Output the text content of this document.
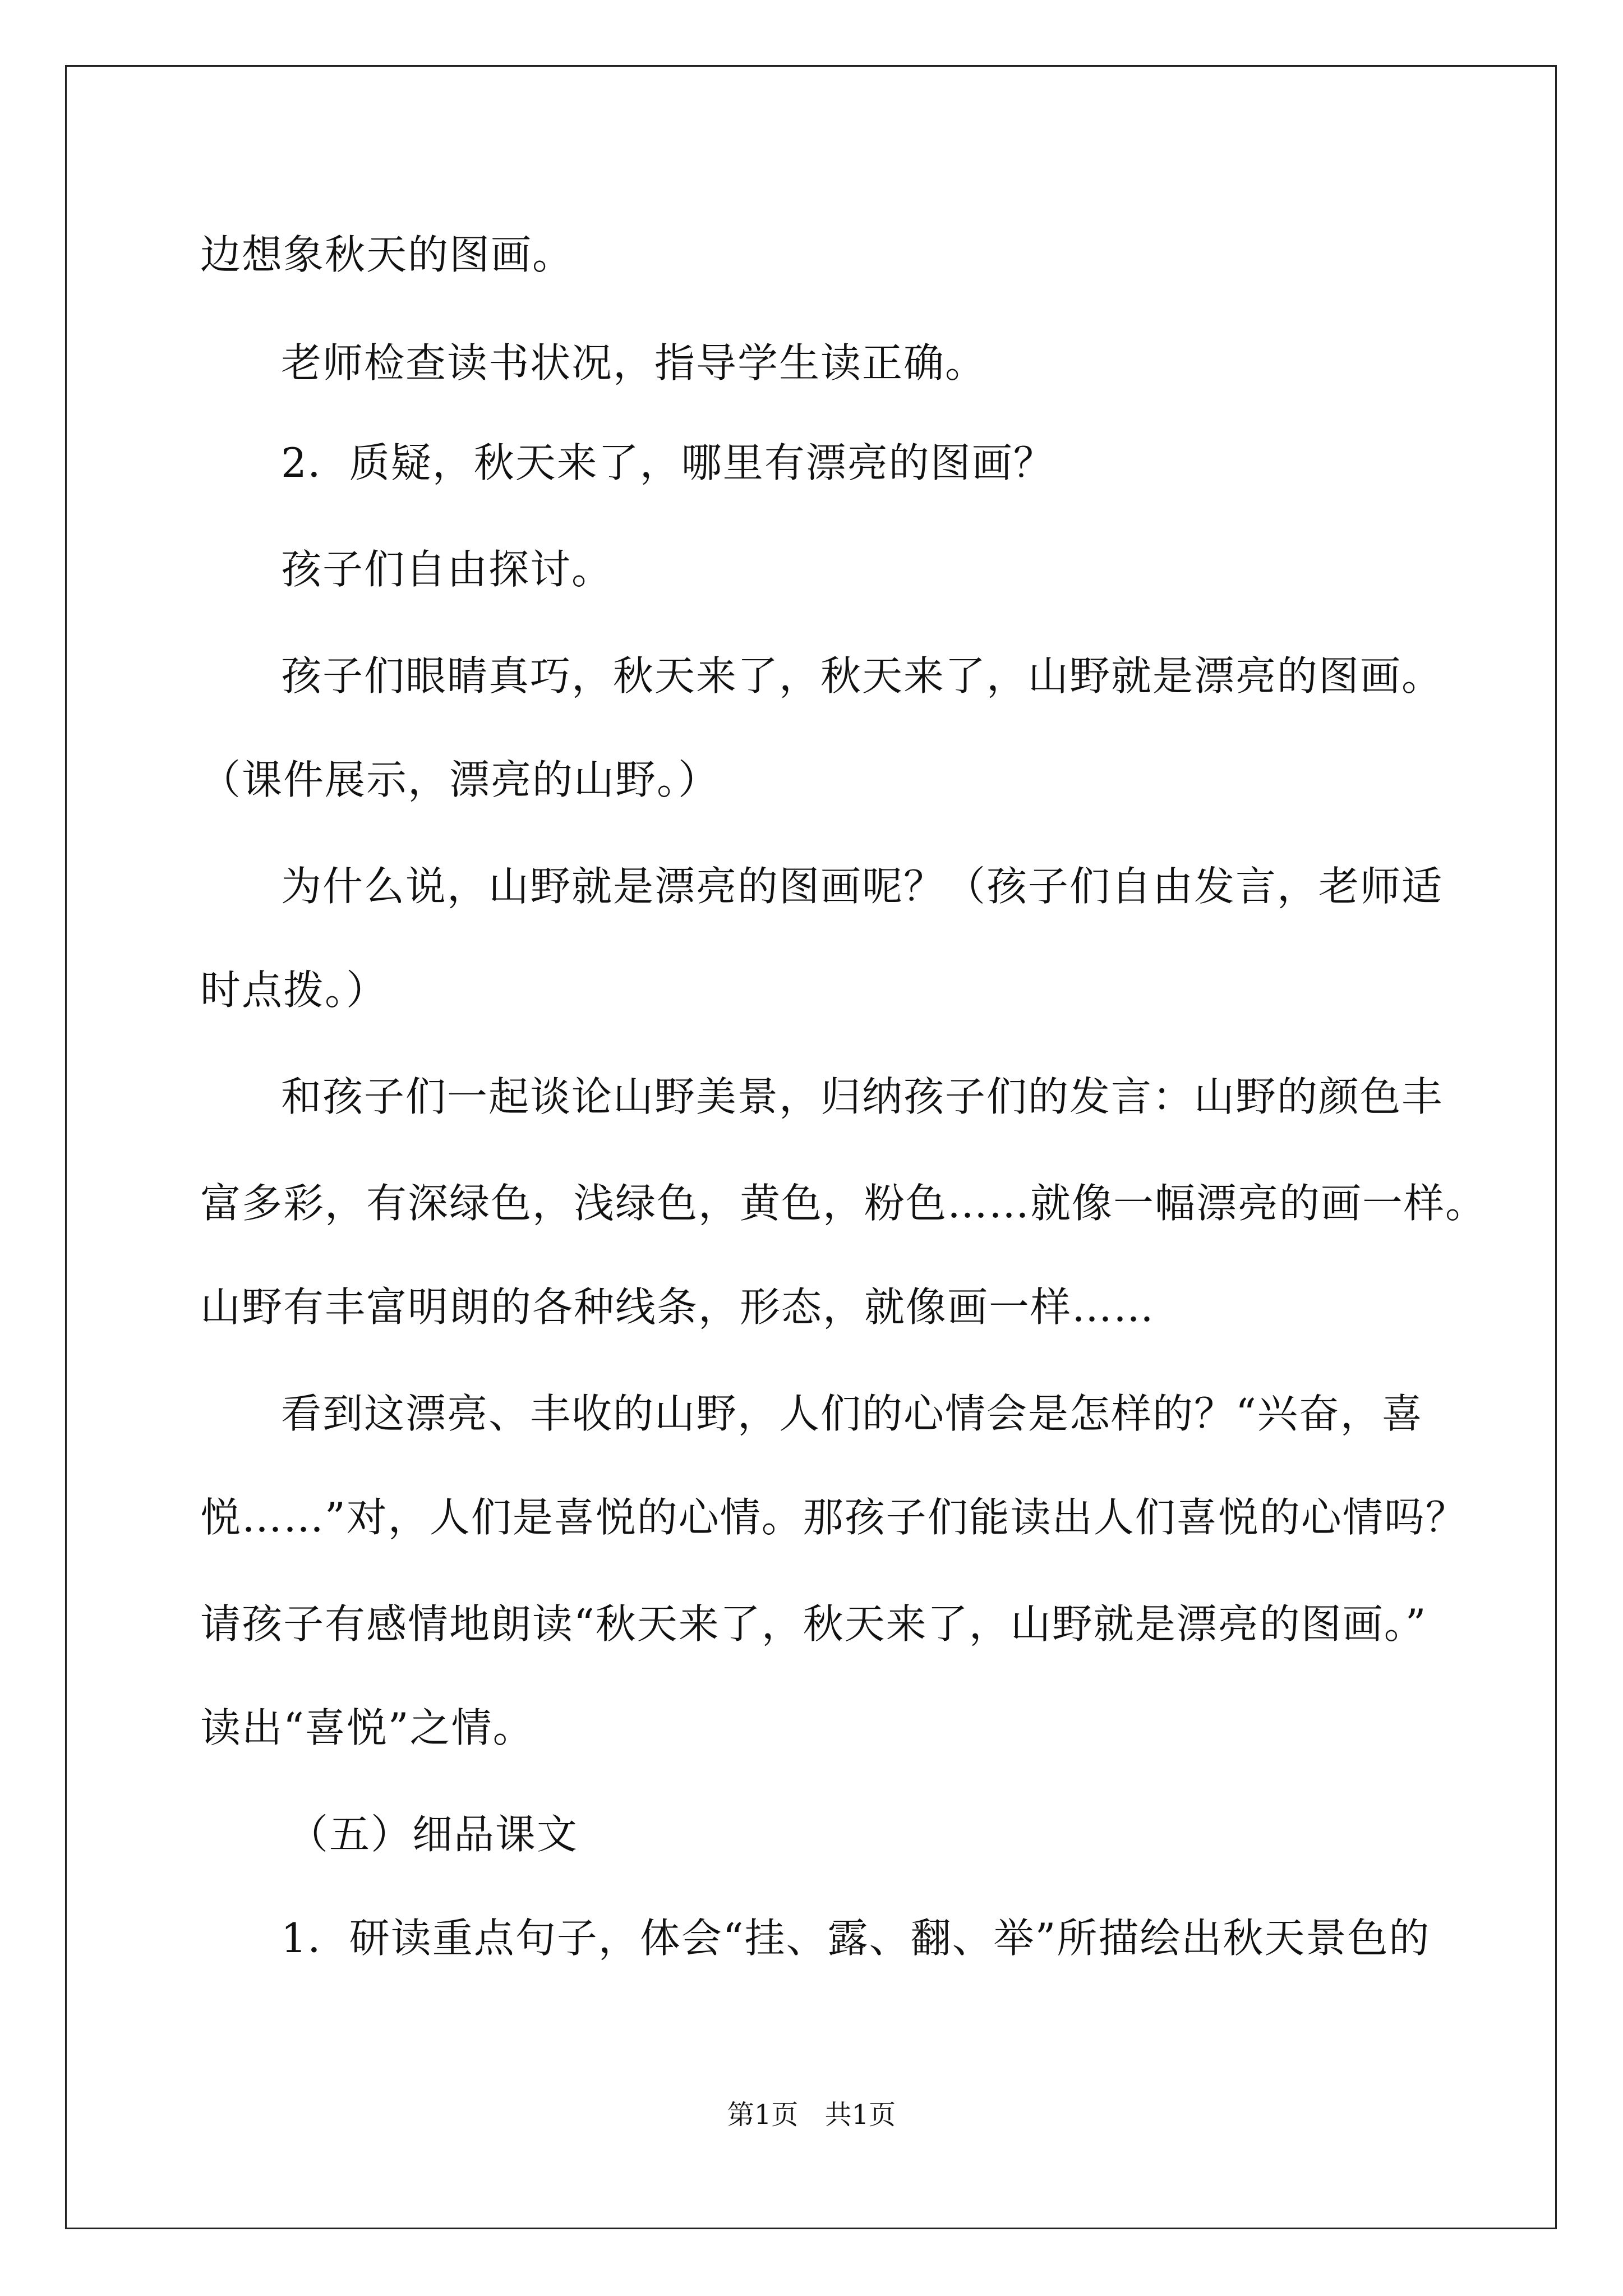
边想象秋天的图画。
老师检查读书状况，指导学生读正确。
2．质疑，秋天来了，哪里有漂亮的图画？
孩子们自由探讨。
孩子们眼睛真巧，秋天来了，秋天来了，山野就是漂亮的图画。
（课件展示，漂亮的山野。）
为什么说，山野就是漂亮的图画呢？（孩子们自由发言，老师适
时点拨。）
和孩子们一起谈论山野美景，归纳孩子们的发言：山野的颜色丰
富多彩，有深绿色，浅绿色，黄色，粉色……就像一幅漂亮的画一样。
山野有丰富明朗的各种线条，形态，就像画一样……
看到这漂亮、丰收的山野，人们的心情会是怎样的？“兴奋，喜
悦……”对，人们是喜悦的心情。那孩子们能读出人们喜悦的心情吗？
请孩子有感情地朗读“秋天来了，秋天来了，山野就是漂亮的图画。”
读出“喜悦”之情。
（五）细品课文
1．研读重点句子，体会“挂、露、翻、举”所描绘出秋天景色的
第1页 共1页
